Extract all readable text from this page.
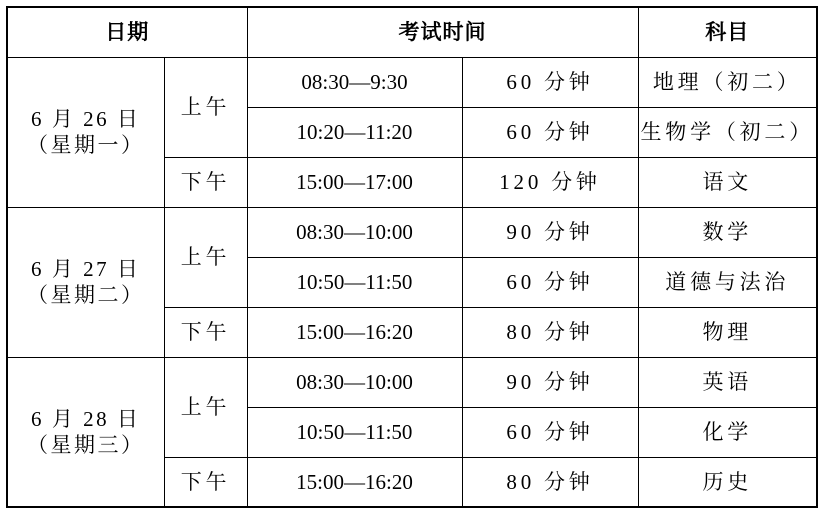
日期		考试时间		科目

6 月 26 日
（星期一）	上午	08:30—9:30	60 分钟	地理（初二）
		10:20—11:20	60 分钟	生物学（初二）
	下午	15:00—17:00	120 分钟	语文

6 月 27 日
（星期二）	上午	08:30—10:00	90 分钟	数学
		10:50—11:50	60 分钟	道德与法治
	下午	15:00—16:20	80 分钟	物理

6 月 28 日
（星期三）	上午	08:30—10:00	90 分钟	英语
		10:50—11:50	60 分钟	化学
	下午	15:00—16:20	80 分钟	历史
